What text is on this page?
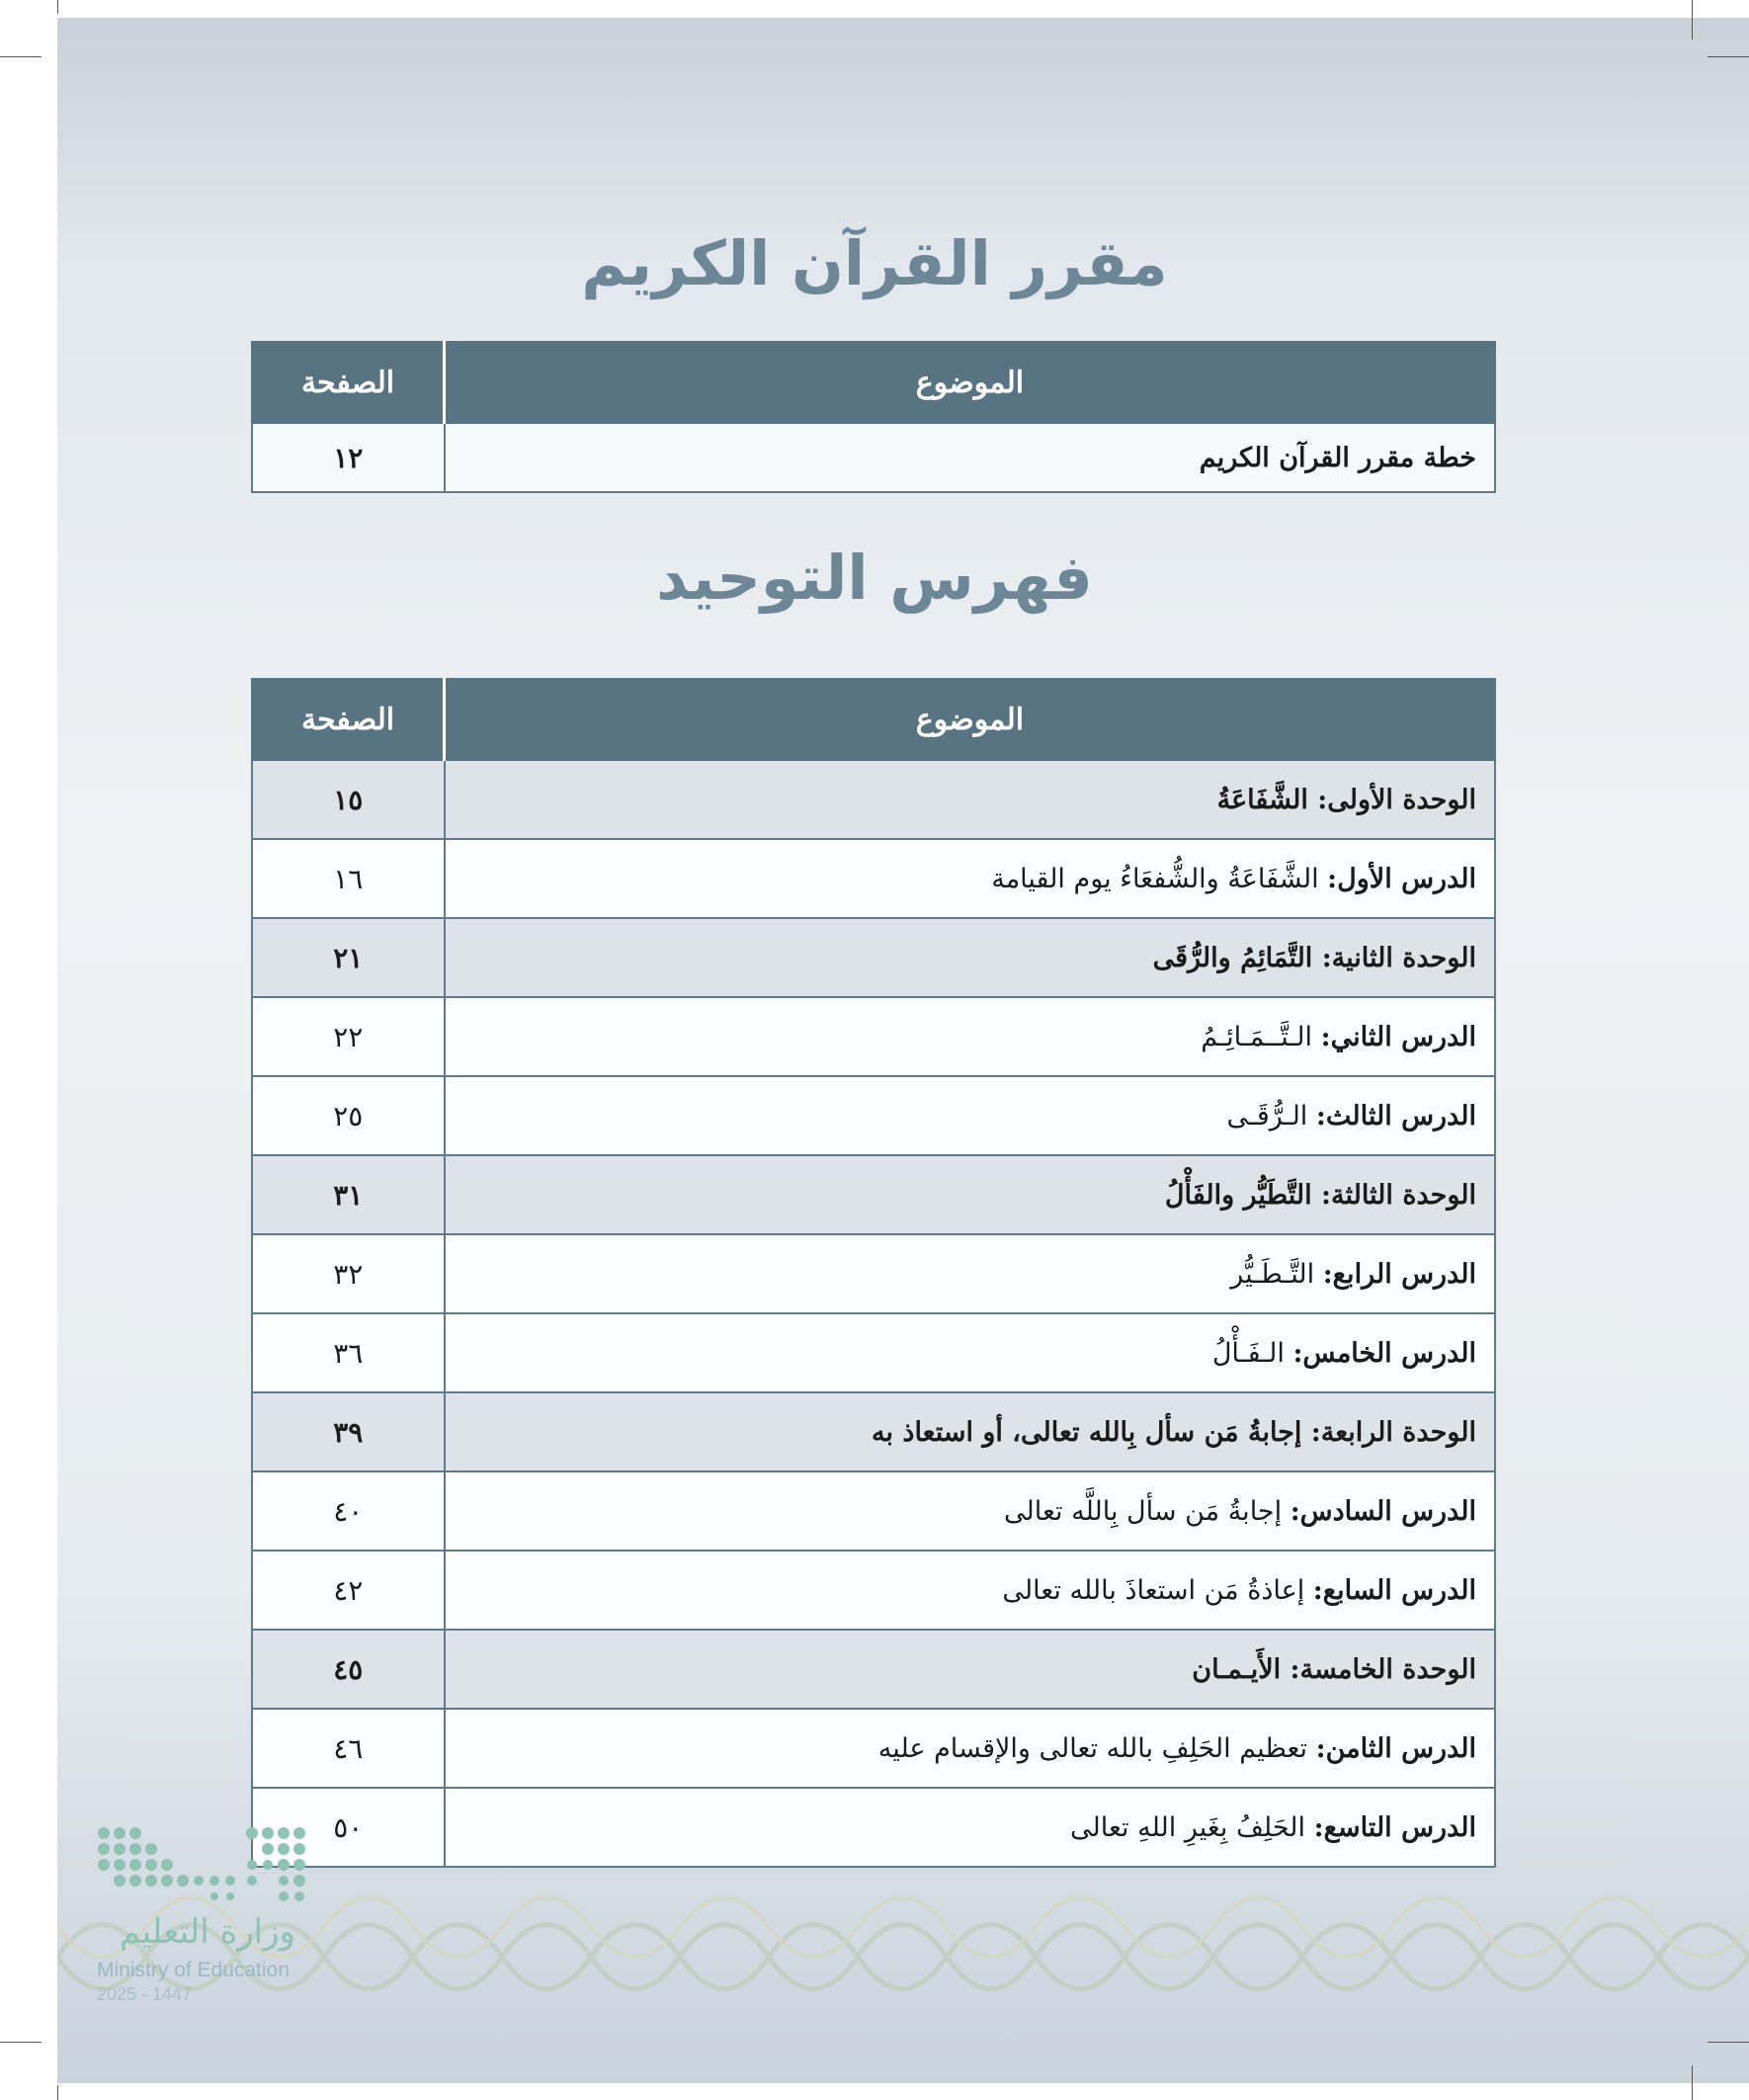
مقرر القرآن الكريم
الموضوع	الصفحة
خطة مقرر القرآن الكريم	١٢
فهرس التوحيد
الموضوع	الصفحة
الوحدة الأولى: الشَّفَاعَةُ	١٥
الدرس الأول: الشَّفَاعَةُ والشُّفعَاءُ يوم القيامة	١٦
الوحدة الثانية: التَّمَائِمُ والرُّقَى	٢١
الدرس الثاني: الـتَّــمَـائِـمُ	٢٢
الدرس الثالث: الـرُّقَـى	٢٥
الوحدة الثالثة: التَّطَيُّر والفَأْلُ	٣١
الدرس الرابع: التَّـطَـيُّر	٣٢
الدرس الخامس: الـفَـأْلُ	٣٦
الوحدة الرابعة: إجابةُ مَن سأل بِالله تعالى، أو استعاذ به	٣٩
الدرس السادس: إجابةُ مَن سأل بِاللَّه تعالى	٤٠
الدرس السابع: إعاذةُ مَن استعاذَ بالله تعالى	٤٢
الوحدة الخامسة: الأَيـمـان	٤٥
الدرس الثامن: تعظيم الحَلِفِ بالله تعالى والإقسام عليه	٤٦
الدرس التاسع: الحَلِفُ بِغَيرِ اللهِ تعالى	٥٠
وزارة التعليم
Ministry of Education
2025 - 1447
